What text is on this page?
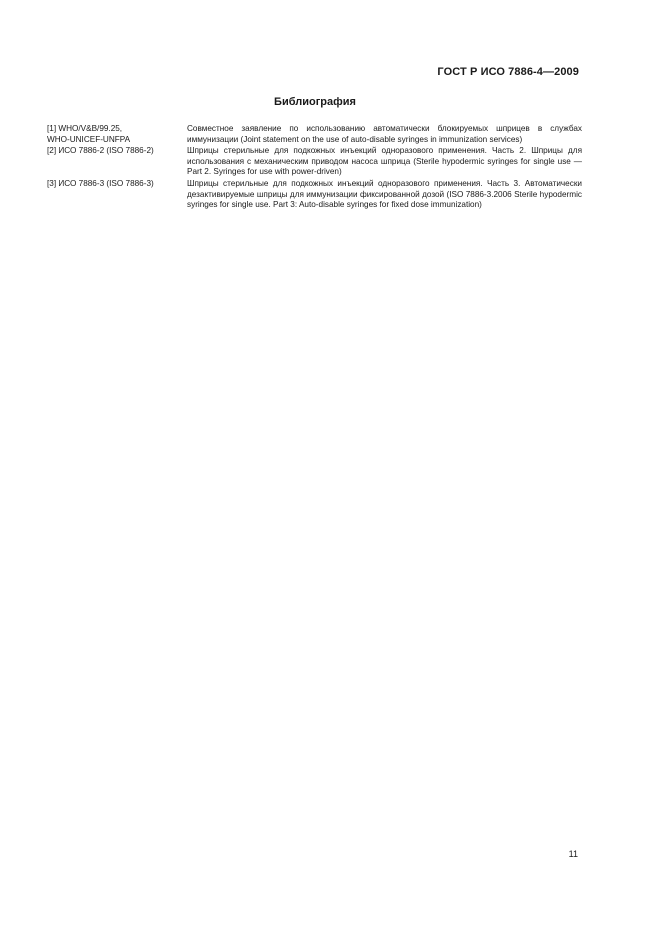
ГОСТ Р ИСО 7886-4—2009
Библиография
[1] WHO/V&B/99.25,
WHO-UNICEF-UNFPA
Совместное заявление по использованию автоматически блокируемых шприцев в службах иммунизации (Joint statement on the use of auto-disable syringes in immunization services)
[2] ИСО 7886-2 (ISO 7886-2)	Шприцы стерильные для подкожных инъекций одноразового применения. Часть 2. Шприцы для использования с механическим приводом насоса шприца (Sterile hypodermic syringes for single use — Part 2. Syringes for use with power-driven)
[3] ИСО 7886-3 (ISO 7886-3)	Шприцы стерильные для подкожных инъекций одноразового применения. Часть 3. Автоматически дезактивируемые шприцы для иммунизации фиксированной дозой (ISO 7886-3.2006 Sterile hypodermic syringes for single use. Part 3: Auto-disable syringes for fixed dose immunization)
11
